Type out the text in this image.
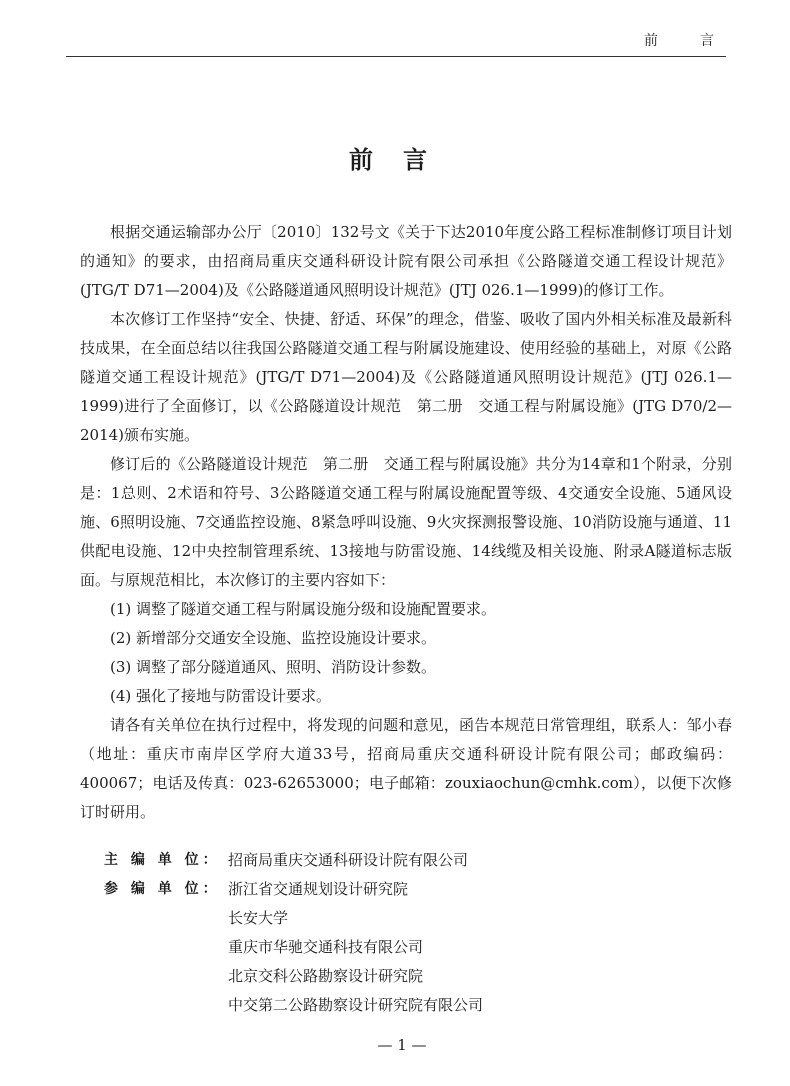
前　言
前言

根据交通运输部办公厅〔2010〕132号文《关于下达2010年度公路工程标准制修订项目计划的通知》的要求，由招商局重庆交通科研设计院有限公司承担《公路隧道交通工程设计规范》(JTG/T D71—2004)及《公路隧道通风照明设计规范》(JTJ 026.1—1999)的修订工作。

本次修订工作坚持“安全、快捷、舒适、环保”的理念，借鉴、吸收了国内外相关标准及最新科技成果，在全面总结以往我国公路隧道交通工程与附属设施建设、使用经验的基础上，对原《公路隧道交通工程设计规范》(JTG/T D71—2004)及《公路隧道通风照明设计规范》(JTJ 026.1—1999)进行了全面修订，以《公路隧道设计规范　第二册　交通工程与附属设施》(JTG D70/2—2014)颁布实施。

修订后的《公路隧道设计规范　第二册　交通工程与附属设施》共分为14章和1个附录，分别是：1总则、2术语和符号、3公路隧道交通工程与附属设施配置等级、4交通安全设施、5通风设施、6照明设施、7交通监控设施、8紧急呼叫设施、9火灾探测报警设施、10消防设施与通道、11供配电设施、12中央控制管理系统、13接地与防雷设施、14线缆及相关设施、附录A隧道标志版面。与原规范相比，本次修订的主要内容如下：

(1) 调整了隧道交通工程与附属设施分级和设施配置要求。

(2) 新增部分交通安全设施、监控设施设计要求。

(3) 调整了部分隧道通风、照明、消防设计参数。

(4) 强化了接地与防雷设计要求。

请各有关单位在执行过程中，将发现的问题和意见，函告本规范日常管理组，联系人：邹小春（地址：重庆市南岸区学府大道33号，招商局重庆交通科研设计院有限公司；邮政编码：400067；电话及传真：023-62653000；电子邮箱：zouxiaochun@cmhk.com），以便下次修订时研用。

主 编 单 位： 招商局重庆交通科研设计院有限公司
参 编 单 位： 浙江省交通规划设计研究院
长安大学
重庆市华驰交通科技有限公司
北京交科公路勘察设计研究院
中交第二公路勘察设计研究院有限公司
— 1 —
